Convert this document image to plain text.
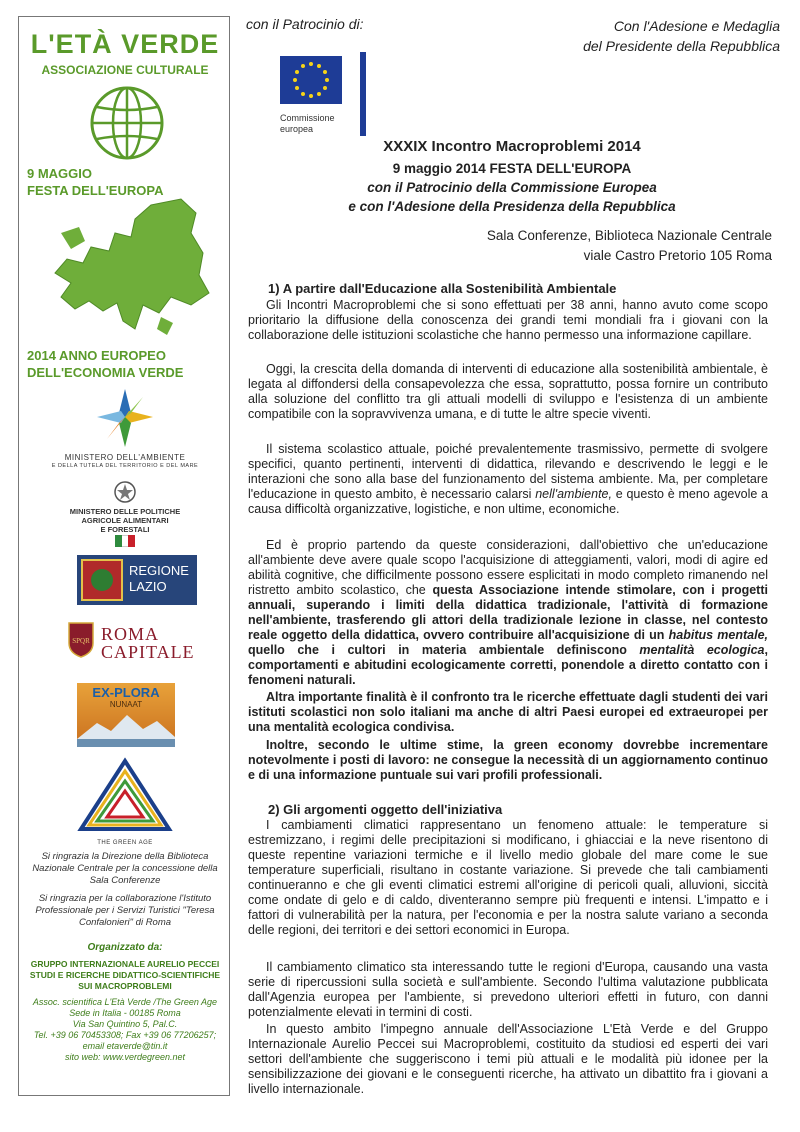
L'ETÀ VERDE
ASSOCIAZIONE CULTURALE
9 MAGGIO
FESTA DELL'EUROPA
2014 ANNO EUROPEO
DELL'ECONOMIA VERDE
MINISTERO DELL'AMBIENTE
E DELLA TUTELA DEL TERRITORIO E DEL MARE
MINISTERO DELLE POLITICHE
AGRICOLE ALIMENTARI
E FORESTALI
REGIONE
LAZIO
SPQR ROMA
CAPITALE
EX-PLORA
NUNAAT
THE GREEN AGE
Si ringrazia la Direzione della Biblioteca Nazionale Centrale per la concessione della Sala Conferenze
Si ringrazia per la collaborazione l'Istituto Professionale per i Servizi Turistici "Teresa Confalonieri" di Roma
Organizzato da:
GRUPPO INTERNAZIONALE AURELIO PECCEI
STUDI E RICERCHE DIDATTICO-SCIENTIFICHE
SUI MACROPROBLEMI
Assoc. scientifica L'Età Verde /The Green Age
Sede in Italia - 00185 Roma
Via San Quintino 5, Pal.C.
Tel. +39 06 70453308; Fax +39 06 77206257;
email etaverde@tin.it
sito web: www.verdegreen.net
con il Patrocinio di:
Commissione
europea
Con l'Adesione e Medaglia
del Presidente della Repubblica
XXXIX Incontro Macroproblemi 2014
9 maggio 2014 FESTA DELL'EUROPA
con il Patrocinio della Commissione Europea
e con l'Adesione della Presidenza della Repubblica
Sala Conferenze, Biblioteca Nazionale Centrale
viale Castro Pretorio 105 Roma
1) A partire dall'Educazione alla Sostenibilità Ambientale
Gli Incontri Macroproblemi che si sono effettuati per 38 anni, hanno avuto come scopo prioritario la diffusione della conoscenza dei grandi temi mondiali fra i giovani con la collaborazione delle istituzioni scolastiche che hanno permesso una informazione capillare.
Oggi, la crescita della domanda di interventi di educazione alla sostenibilità ambientale, è legata al diffondersi della consapevolezza che essa, soprattutto, possa fornire un contributo alla soluzione del conflitto tra gli attuali modelli di sviluppo e l'esistenza di un ambiente compatibile con la sopravvivenza umana, e di tutte le altre specie viventi.
Il sistema scolastico attuale, poiché prevalentemente trasmissivo, permette di svolgere specifici, quanto pertinenti, interventi di didattica, rilevando e descrivendo le leggi e le interazioni che sono alla base del funzionamento del sistema ambiente. Ma, per completare l'educazione in questo ambito, è necessario calarsi nell'ambiente, e questo è meno agevole a causa difficoltà organizzative, logistiche, e non ultime, economiche.
Ed è proprio partendo da queste considerazioni, dall'obiettivo che un'educazione all'ambiente deve avere quale scopo l'acquisizione di atteggiamenti, valori, modi di agire ed abilità cognitive, che difficilmente possono essere esplicitati in modo completo rimanendo nel ristretto ambito scolastico, che questa Associazione intende stimolare, con i progetti annuali, superando i limiti della didattica tradizionale, l'attività di formazione nell'ambiente, trasferendo gli attori della tradizionale lezione in classe, nel contesto reale oggetto della didattica, ovvero contribuire all'acquisizione di un habitus mentale, quello che i cultori in materia ambientale definiscono mentalità ecologica, comportamenti e abitudini ecologicamente corretti, ponendole a diretto contatto con i fenomeni naturali.
Altra importante finalità è il confronto tra le ricerche effettuate dagli studenti dei vari istituti scolastici non solo italiani ma anche di altri Paesi europei ed extraeuropei per una mentalità ecologica condivisa.
Inoltre, secondo le ultime stime, la green economy dovrebbe incrementare notevolmente i posti di lavoro: ne consegue la necessità di un aggiornamento continuo e di una informazione puntuale sui vari profili professionali.
2) Gli argomenti oggetto dell'iniziativa
I cambiamenti climatici rappresentano un fenomeno attuale: le temperature si estremizzano, i regimi delle precipitazioni si modificano, i ghiacciai e la neve risentono di queste repentine variazioni termiche e il livello medio globale del mare come le sue temperature superficiali, risultano in costante variazione. Si prevede che tali cambiamenti continueranno e che gli eventi climatici estremi all'origine di pericoli quali, alluvioni, siccità come ondate di gelo e di caldo, diventeranno sempre più frequenti e intensi. L'impatto e i fattori di vulnerabilità per la natura, per l'economia e per la nostra salute variano a seconda delle regioni, dei territori e dei settori economici in Europa.
Il cambiamento climatico sta interessando tutte le regioni d'Europa, causando una vasta serie di ripercussioni sulla società e sull'ambiente. Secondo l'ultima valutazione pubblicata dall'Agenzia europea per l'ambiente, si prevedono ulteriori effetti in futuro, con danni potenzialmente elevati in termini di costi.
In questo ambito l'impegno annuale dell'Associazione L'Età Verde e del Gruppo Internazionale Aurelio Peccei sui Macroproblemi, costituito da studiosi ed esperti dei vari settori dell'ambiente che suggeriscono i temi più attuali e le modalità più idonee per la sensibilizzazione dei giovani e le conseguenti ricerche, ha attivato un dibattito fra i giovani a livello internazionale.
